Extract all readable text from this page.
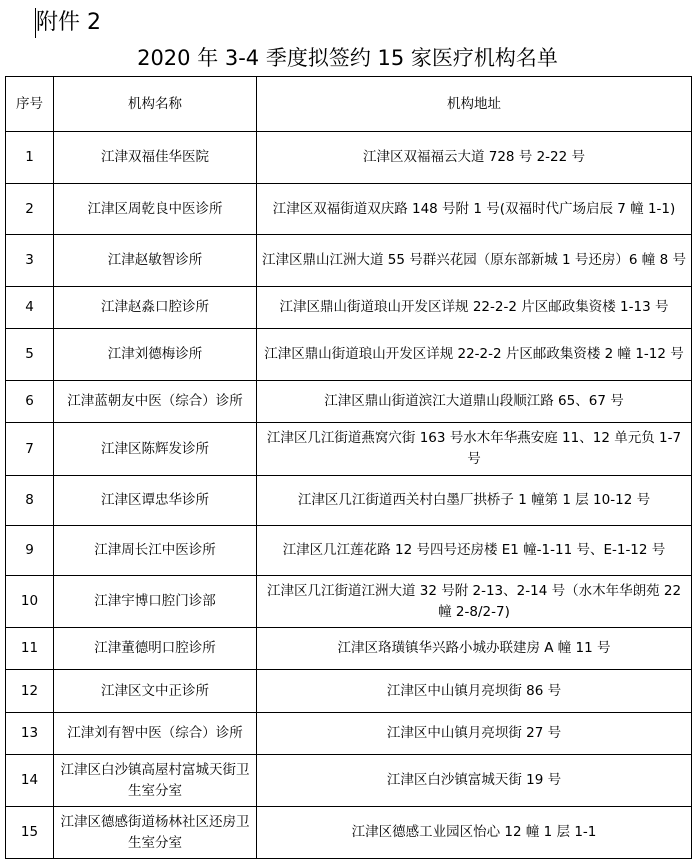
附件 2
2020 年 3-4 季度拟签约 15 家医疗机构名单
序号	机构名称	机构地址
1	江津双福佳华医院	江津区双福福云大道 728 号 2-22 号
2	江津区周乾良中医诊所	江津区双福街道双庆路 148 号附 1 号(双福时代广场启辰 7 幢 1-1)
3	江津赵敏智诊所	江津区鼎山江洲大道 55 号群兴花园（原东部新城 1 号还房）6 幢 8 号
4	江津赵淼口腔诊所	江津区鼎山街道琅山开发区详规 22-2-2 片区邮政集资楼 1-13 号
5	江津刘德梅诊所	江津区鼎山街道琅山开发区详规 22-2-2 片区邮政集资楼 2 幢 1-12 号
6	江津蓝朝友中医（综合）诊所	江津区鼎山街道滨江大道鼎山段顺江路 65、67 号
7	江津区陈辉发诊所	江津区几江街道燕窝穴街 163 号水木年华燕安庭 11、12 单元负 1-7 号
8	江津区谭忠华诊所	江津区几江街道西关村白墨厂拱桥子 1 幢第 1 层 10-12 号
9	江津周长江中医诊所	江津区几江莲花路 12 号四号还房楼 E1 幢-1-11 号、E-1-12 号
10	江津宇博口腔门诊部	江津区几江街道江洲大道 32 号附 2-13、2-14 号（水木年华朗苑 22 幢 2-8/2-7)
11	江津董德明口腔诊所	江津区珞璜镇华兴路小城办联建房 A 幢 11 号
12	江津区文中正诊所	江津区中山镇月亮坝街 86 号
13	江津刘有智中医（综合）诊所	江津区中山镇月亮坝街 27 号
14	江津区白沙镇高屋村富城天街卫生室分室	江津区白沙镇富城天街 19 号
15	江津区德感街道杨林社区还房卫生室分室	江津区德感工业园区怡心 12 幢 1 层 1-1
